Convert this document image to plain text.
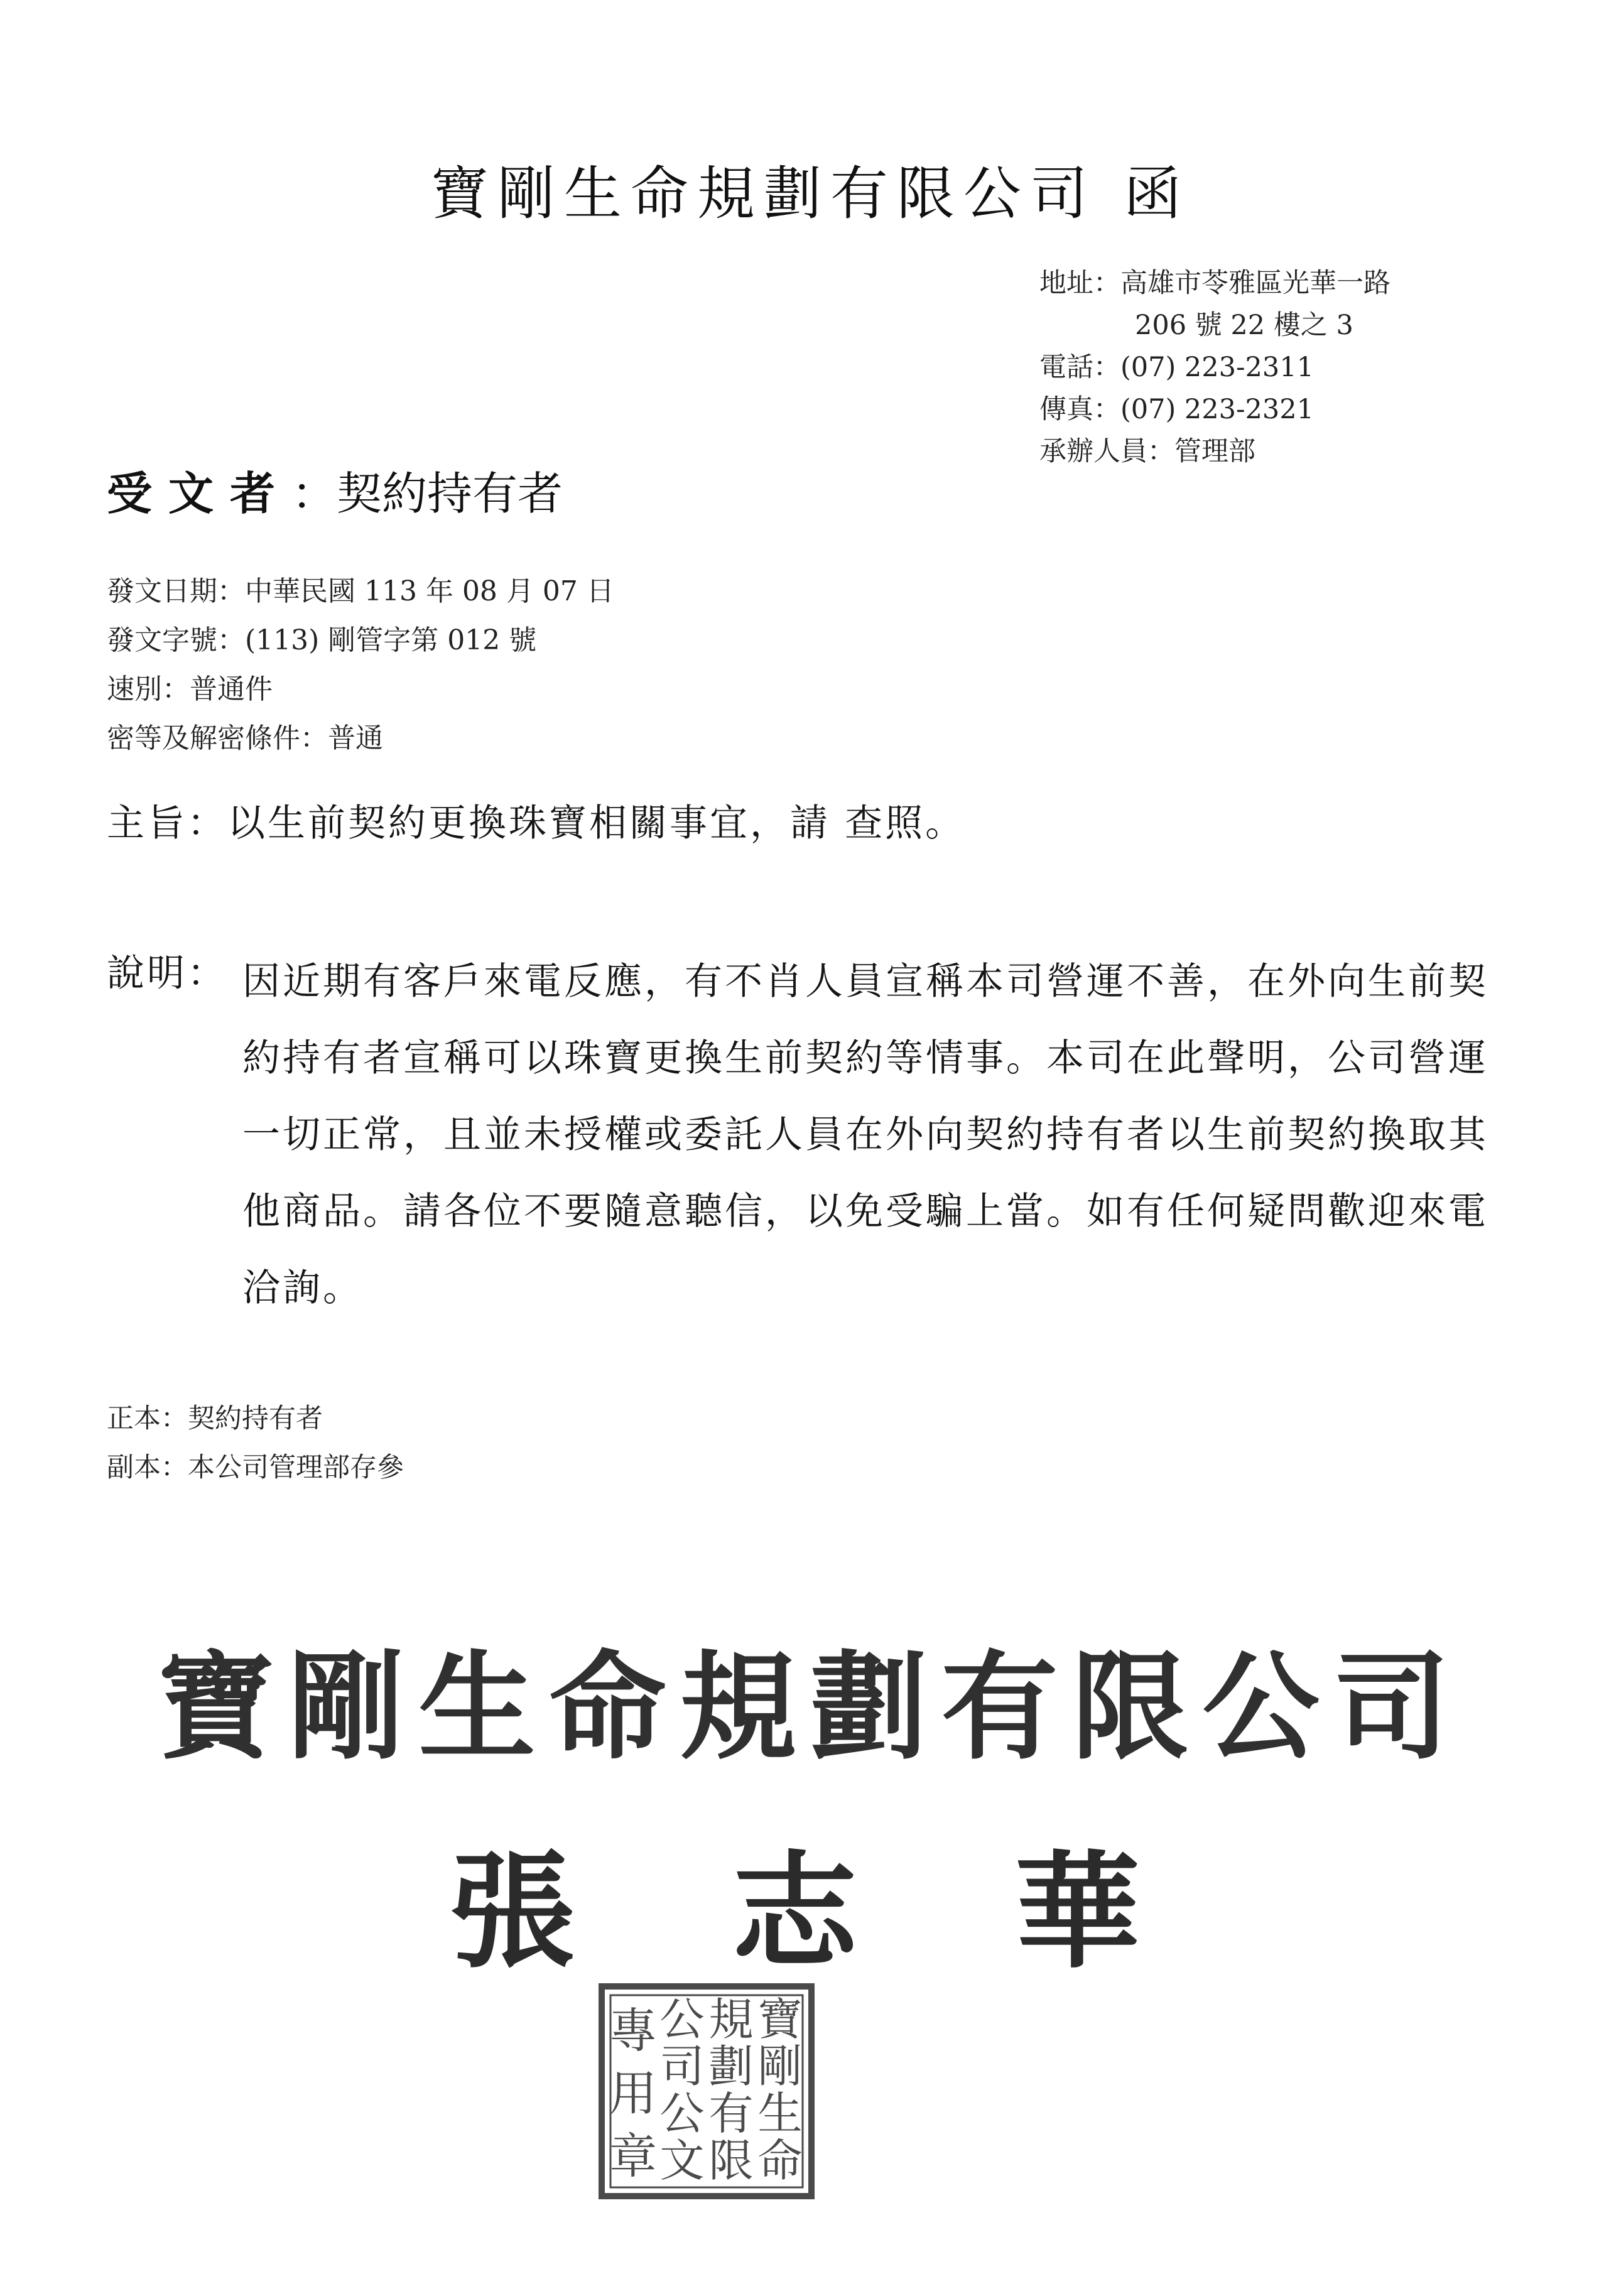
寶剛生命規劃有限公司 函
地址：高雄市苓雅區光華一路
206 號 22 樓之 3
電話：(07) 223-2311
傳真：(07) 223-2321
承辦人員：管理部
受文者：契約持有者
發文日期：中華民國 113 年 08 月 07 日
發文字號：(113) 剛管字第 012 號
速別：普通件
密等及解密條件：普通
主旨：以生前契約更換珠寶相關事宜，請 查照。
說明： 因近期有客戶來電反應，有不肖人員宣稱本司營運不善，在外向生前契約持有者宣稱可以珠寶更換生前契約等情事。本司在此聲明，公司營運一切正常，且並未授權或委託人員在外向契約持有者以生前契約換取其他商品。請各位不要隨意聽信，以免受騙上當。如有任何疑問歡迎來電洽詢。
正本：契約持有者
副本：本公司管理部存參
寶剛生命規劃有限公司
張志華
寶
剛
生
命
規
劃
有
限
公
司
公
文
專
用
章
